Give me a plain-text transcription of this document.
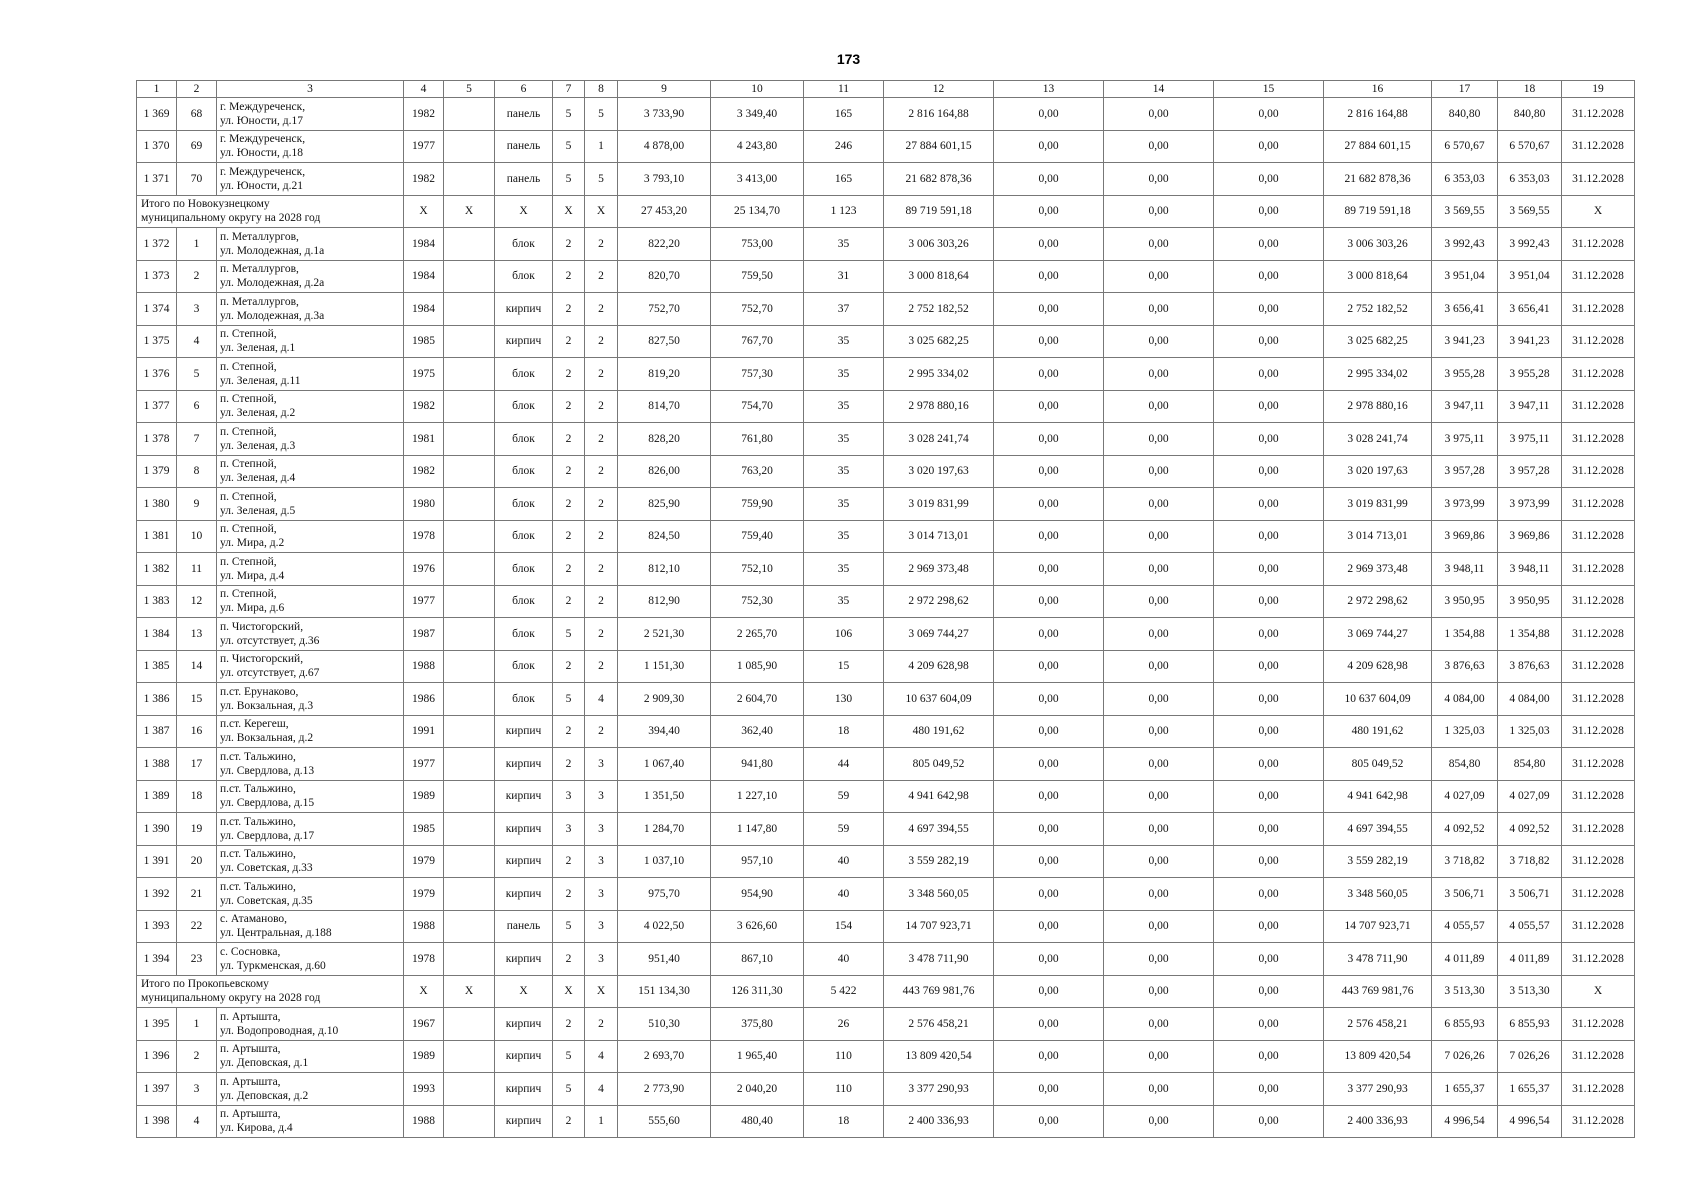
173
1	2	3	4	5	6	7	8	9	10	11	12	13	14	15	16	17	18	19
1 369	68	г. Междуреченск,
ул. Юности, д.17	1982		панель	5	5	3 733,90	3 349,40	165	2 816 164,88	0,00	0,00	0,00	2 816 164,88	840,80	840,80	31.12.2028
1 370	69	г. Междуреченск,
ул. Юности, д.18	1977		панель	5	1	4 878,00	4 243,80	246	27 884 601,15	0,00	0,00	0,00	27 884 601,15	6 570,67	6 570,67	31.12.2028
1 371	70	г. Междуреченск,
ул. Юности, д.21	1982		панель	5	5	3 793,10	3 413,00	165	21 682 878,36	0,00	0,00	0,00	21 682 878,36	6 353,03	6 353,03	31.12.2028

Итого по Новокузнецкому
муниципальному округу на 2028 год			X	X	X	X	X	27 453,20	25 134,70	1 123	89 719 591,18	0,00	0,00	0,00	89 719 591,18	3 569,55	3 569,55	X
1 372	1	п. Металлургов,
ул. Молодежная, д.1а	1984		блок	2	2	822,20	753,00	35	3 006 303,26	0,00	0,00	0,00	3 006 303,26	3 992,43	3 992,43	31.12.2028
1 373	2	п. Металлургов,
ул. Молодежная, д.2а	1984		блок	2	2	820,70	759,50	31	3 000 818,64	0,00	0,00	0,00	3 000 818,64	3 951,04	3 951,04	31.12.2028
1 374	3	п. Металлургов,
ул. Молодежная, д.3а	1984		кирпич	2	2	752,70	752,70	37	2 752 182,52	0,00	0,00	0,00	2 752 182,52	3 656,41	3 656,41	31.12.2028
1 375	4	п. Степной,
ул. Зеленая, д.1	1985		кирпич	2	2	827,50	767,70	35	3 025 682,25	0,00	0,00	0,00	3 025 682,25	3 941,23	3 941,23	31.12.2028
1 376	5	п. Степной,
ул. Зеленая, д.11	1975		блок	2	2	819,20	757,30	35	2 995 334,02	0,00	0,00	0,00	2 995 334,02	3 955,28	3 955,28	31.12.2028
1 377	6	п. Степной,
ул. Зеленая, д.2	1982		блок	2	2	814,70	754,70	35	2 978 880,16	0,00	0,00	0,00	2 978 880,16	3 947,11	3 947,11	31.12.2028
1 378	7	п. Степной,
ул. Зеленая, д.3	1981		блок	2	2	828,20	761,80	35	3 028 241,74	0,00	0,00	0,00	3 028 241,74	3 975,11	3 975,11	31.12.2028
1 379	8	п. Степной,
ул. Зеленая, д.4	1982		блок	2	2	826,00	763,20	35	3 020 197,63	0,00	0,00	0,00	3 020 197,63	3 957,28	3 957,28	31.12.2028
1 380	9	п. Степной,
ул. Зеленая, д.5	1980		блок	2	2	825,90	759,90	35	3 019 831,99	0,00	0,00	0,00	3 019 831,99	3 973,99	3 973,99	31.12.2028
1 381	10	п. Степной,
ул. Мира, д.2	1978		блок	2	2	824,50	759,40	35	3 014 713,01	0,00	0,00	0,00	3 014 713,01	3 969,86	3 969,86	31.12.2028
1 382	11	п. Степной,
ул. Мира, д.4	1976		блок	2	2	812,10	752,10	35	2 969 373,48	0,00	0,00	0,00	2 969 373,48	3 948,11	3 948,11	31.12.2028
1 383	12	п. Степной,
ул. Мира, д.6	1977		блок	2	2	812,90	752,30	35	2 972 298,62	0,00	0,00	0,00	2 972 298,62	3 950,95	3 950,95	31.12.2028
1 384	13	п. Чистогорский,
ул. отсутствует, д.36	1987		блок	5	2	2 521,30	2 265,70	106	3 069 744,27	0,00	0,00	0,00	3 069 744,27	1 354,88	1 354,88	31.12.2028
1 385	14	п. Чистогорский,
ул. отсутствует, д.67	1988		блок	2	2	1 151,30	1 085,90	15	4 209 628,98	0,00	0,00	0,00	4 209 628,98	3 876,63	3 876,63	31.12.2028
1 386	15	п.ст. Ерунаково,
ул. Вокзальная, д.3	1986		блок	5	4	2 909,30	2 604,70	130	10 637 604,09	0,00	0,00	0,00	10 637 604,09	4 084,00	4 084,00	31.12.2028
1 387	16	п.ст. Керегеш,
ул. Вокзальная, д.2	1991		кирпич	2	2	394,40	362,40	18	480 191,62	0,00	0,00	0,00	480 191,62	1 325,03	1 325,03	31.12.2028
1 388	17	п.ст. Тальжино,
ул. Свердлова, д.13	1977		кирпич	2	3	1 067,40	941,80	44	805 049,52	0,00	0,00	0,00	805 049,52	854,80	854,80	31.12.2028
1 389	18	п.ст. Тальжино,
ул. Свердлова, д.15	1989		кирпич	3	3	1 351,50	1 227,10	59	4 941 642,98	0,00	0,00	0,00	4 941 642,98	4 027,09	4 027,09	31.12.2028
1 390	19	п.ст. Тальжино,
ул. Свердлова, д.17	1985		кирпич	3	3	1 284,70	1 147,80	59	4 697 394,55	0,00	0,00	0,00	4 697 394,55	4 092,52	4 092,52	31.12.2028
1 391	20	п.ст. Тальжино,
ул. Советская, д.33	1979		кирпич	2	3	1 037,10	957,10	40	3 559 282,19	0,00	0,00	0,00	3 559 282,19	3 718,82	3 718,82	31.12.2028
1 392	21	п.ст. Тальжино,
ул. Советская, д.35	1979		кирпич	2	3	975,70	954,90	40	3 348 560,05	0,00	0,00	0,00	3 348 560,05	3 506,71	3 506,71	31.12.2028
1 393	22	с. Атаманово,
ул. Центральная, д.188	1988		панель	5	3	4 022,50	3 626,60	154	14 707 923,71	0,00	0,00	0,00	14 707 923,71	4 055,57	4 055,57	31.12.2028
1 394	23	с. Сосновка,
ул. Туркменская, д.60	1978		кирпич	2	3	951,40	867,10	40	3 478 711,90	0,00	0,00	0,00	3 478 711,90	4 011,89	4 011,89	31.12.2028

Итого по Прокопьевскому
муниципальному округу на 2028 год			X	X	X	X	X	151 134,30	126 311,30	5 422	443 769 981,76	0,00	0,00	0,00	443 769 981,76	3 513,30	3 513,30	X
1 395	1	п. Артышта,
ул. Водопроводная, д.10	1967		кирпич	2	2	510,30	375,80	26	2 576 458,21	0,00	0,00	0,00	2 576 458,21	6 855,93	6 855,93	31.12.2028
1 396	2	п. Артышта,
ул. Деповская, д.1	1989		кирпич	5	4	2 693,70	1 965,40	110	13 809 420,54	0,00	0,00	0,00	13 809 420,54	7 026,26	7 026,26	31.12.2028
1 397	3	п. Артышта,
ул. Деповская, д.2	1993		кирпич	5	4	2 773,90	2 040,20	110	3 377 290,93	0,00	0,00	0,00	3 377 290,93	1 655,37	1 655,37	31.12.2028
1 398	4	п. Артышта,
ул. Кирова, д.4	1988		кирпич	2	1	555,60	480,40	18	2 400 336,93	0,00	0,00	0,00	2 400 336,93	4 996,54	4 996,54	31.12.2028
